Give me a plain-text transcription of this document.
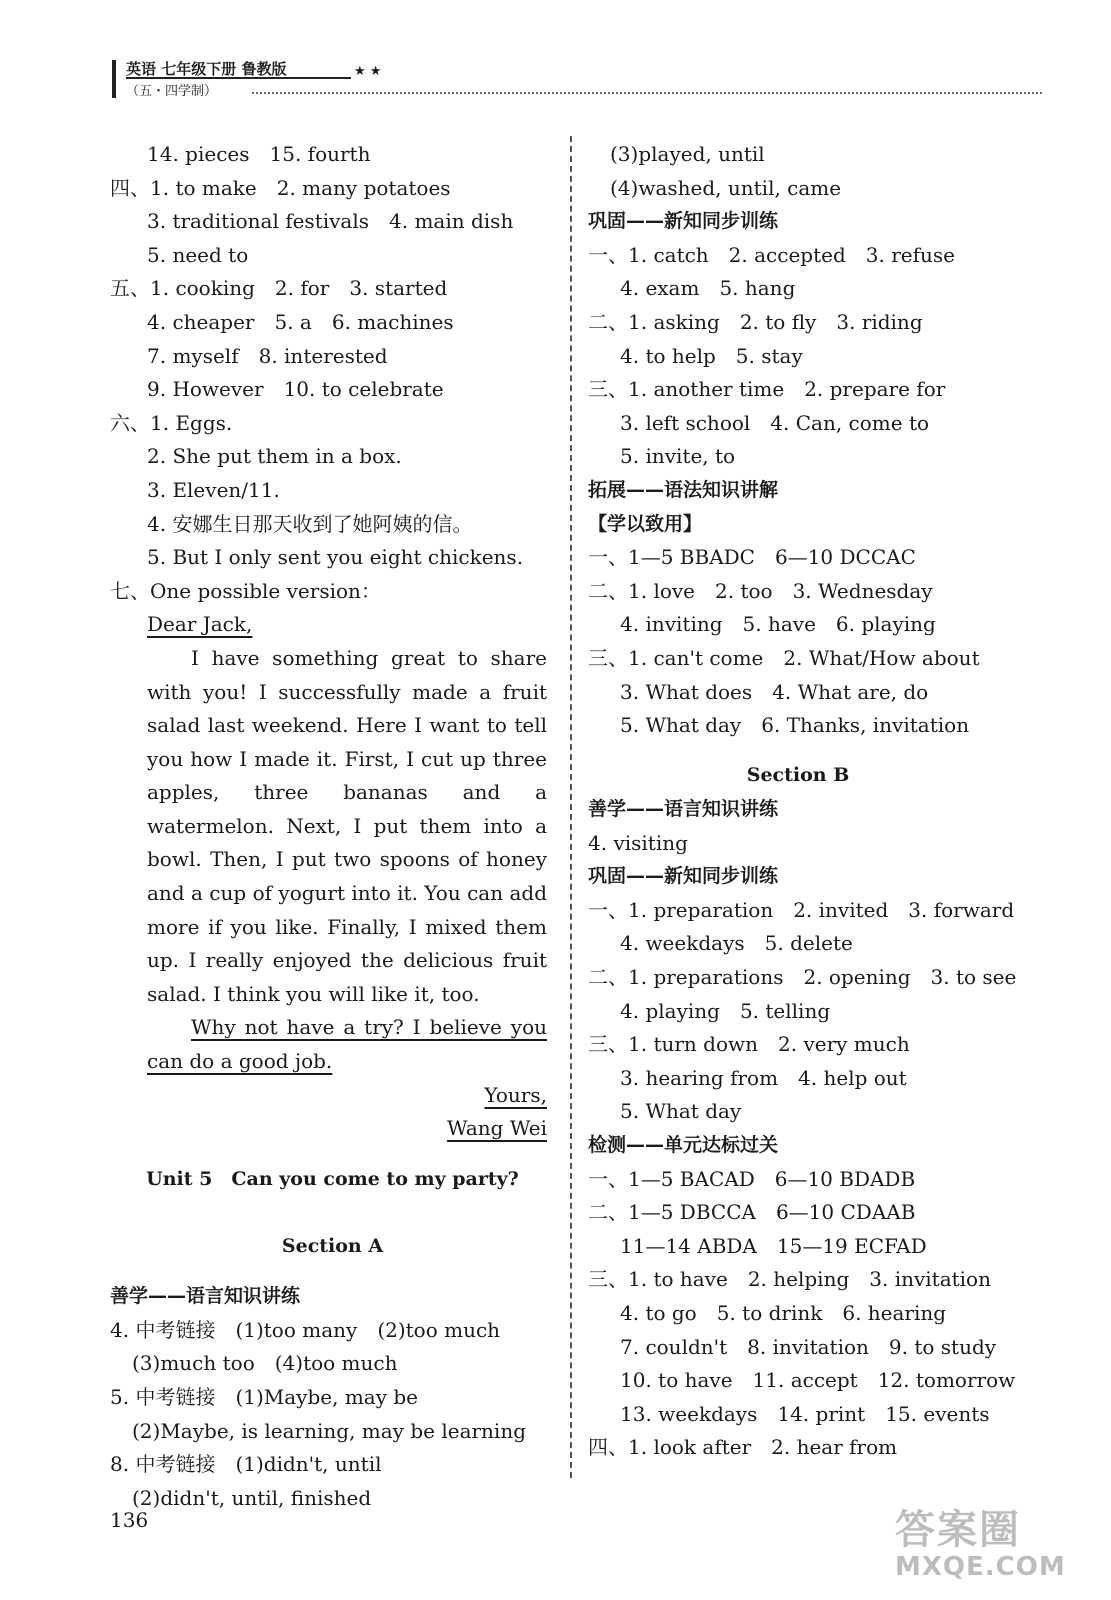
英语 七年级下册 鲁教版	★ ★
（五・四学制）
14. pieces　15. fourth
四、1. to make　2. many potatoes
3. traditional festivals　4. main dish
5. need to
五、1. cooking　2. for　3. started
4. cheaper　5. a　6. machines
7. myself　8. interested
9. However　10. to celebrate
六、1. Eggs.
2. She put them in a box.
3. Eleven/11.
4. 安娜生日那天收到了她阿姨的信。
5. But I only sent you eight chickens.
七、One possible version：
Dear Jack,

I have something great to share with you! I successfully made a fruit salad last weekend. Here I want to tell you how I made it. First, I cut up three apples, three bananas and a watermelon. Next, I put them into a bowl. Then, I put two spoons of honey and a cup of yogurt into it. You can add more if you like. Finally, I mixed them up. I really enjoyed the delicious fruit salad. I think you will like it, too.

Why not have a try? I believe you can do a good job.

Yours,
Wang Wei
Unit 5　Can you come to my party?
Section A
善学——语言知识讲练
4. 中考链接　(1)too many　(2)too much
(3)much too　(4)too much
5. 中考链接　(1)Maybe, may be
(2)Maybe, is learning, may be learning
8. 中考链接　(1)didn't, until
(2)didn't, until, finished
(3)played, until
(4)washed, until, came
巩固——新知同步训练
一、1. catch　2. accepted　3. refuse
4. exam　5. hang
二、1. asking　2. to fly　3. riding
4. to help　5. stay
三、1. another time　2. prepare for
3. left school　4. Can, come to
5. invite, to
拓展——语法知识讲解
【学以致用】
一、1—5 BBADC　6—10 DCCAC
二、1. love　2. too　3. Wednesday
4. inviting　5. have　6. playing
三、1. can't come　2. What/How about
3. What does　4. What are, do
5. What day　6. Thanks, invitation
Section B
善学——语言知识讲练
4. visiting
巩固——新知同步训练
一、1. preparation　2. invited　3. forward
4. weekdays　5. delete
二、1. preparations　2. opening　3. to see
4. playing　5. telling
三、1. turn down　2. very much
3. hearing from　4. help out
5. What day
检测——单元达标过关
一、1—5 BACAD　6—10 BDADB
二、1—5 DBCCA　6—10 CDAAB
11—14 ABDA　15—19 ECFAD
三、1. to have　2. helping　3. invitation
4. to go　5. to drink　6. hearing
7. couldn't　8. invitation　9. to study
10. to have　11. accept　12. tomorrow
13. weekdays　14. print　15. events
四、1. look after　2. hear from
136	答案圈
MXQE.COM
